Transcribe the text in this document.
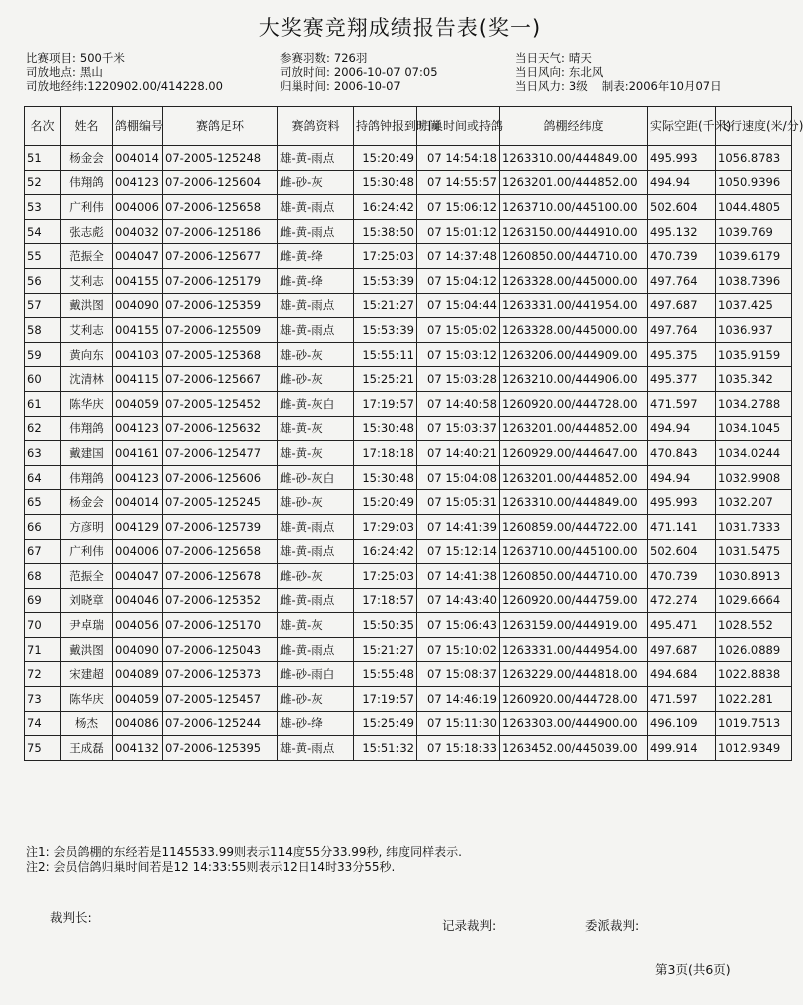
大奖赛竞翔成绩报告表(奖一)
比赛项目: 500千米
司放地点: 黑山
司放地经纬:1220902.00/414228.00
参赛羽数: 726羽
司放时间: 2006-10-07 07:05
归巢时间: 2006-10-07
当日天气: 晴天
当日风向: 东北风
当日风力: 3级 制表:2006年10月07日
名次	姓名	鸽棚编号	赛鸽足环	赛鸽资料	持鸽钟报到时间	归巢时间或持鸽	鸽棚经纬度	实际空距(千米)	飞行速度(米/分)
51	杨金会	004014	07-2005-125248	雄-黄-雨点	15:20:49	07 14:54:18	1263310.00/444849.00	495.993	1056.8783
52	伟翔鸽	004123	07-2006-125604	雌-砂-灰	15:30:48	07 14:55:57	1263201.00/444852.00	494.94	1050.9396
53	广利伟	004006	07-2006-125658	雄-黄-雨点	16:24:42	07 15:06:12	1263710.00/445100.00	502.604	1044.4805
54	张志彪	004032	07-2006-125186	雌-黄-雨点	15:38:50	07 15:01:12	1263150.00/444910.00	495.132	1039.769
55	范振全	004047	07-2006-125677	雌-黄-绛	17:25:03	07 14:37:48	1260850.00/444710.00	470.739	1039.6179
56	艾利志	004155	07-2006-125179	雌-黄-绛	15:53:39	07 15:04:12	1263328.00/445000.00	497.764	1038.7396
57	戴洪图	004090	07-2006-125359	雄-黄-雨点	15:21:27	07 15:04:44	1263331.00/441954.00	497.687	1037.425
58	艾利志	004155	07-2006-125509	雄-黄-雨点	15:53:39	07 15:05:02	1263328.00/445000.00	497.764	1036.937
59	黄向东	004103	07-2005-125368	雄-砂-灰	15:55:11	07 15:03:12	1263206.00/444909.00	495.375	1035.9159
60	沈清林	004115	07-2006-125667	雌-砂-灰	15:25:21	07 15:03:28	1263210.00/444906.00	495.377	1035.342
61	陈华庆	004059	07-2005-125452	雌-黄-灰白	17:19:57	07 14:40:58	1260920.00/444728.00	471.597	1034.2788
62	伟翔鸽	004123	07-2006-125632	雄-黄-灰	15:30:48	07 15:03:37	1263201.00/444852.00	494.94	1034.1045
63	戴建国	004161	07-2006-125477	雄-黄-灰	17:18:18	07 14:40:21	1260929.00/444647.00	470.843	1034.0244
64	伟翔鸽	004123	07-2006-125606	雌-砂-灰白	15:30:48	07 15:04:08	1263201.00/444852.00	494.94	1032.9908
65	杨金会	004014	07-2005-125245	雄-砂-灰	15:20:49	07 15:05:31	1263310.00/444849.00	495.993	1032.207
66	方彦明	004129	07-2006-125739	雄-黄-雨点	17:29:03	07 14:41:39	1260859.00/444722.00	471.141	1031.7333
67	广利伟	004006	07-2006-125658	雄-黄-雨点	16:24:42	07 15:12:14	1263710.00/445100.00	502.604	1031.5475
68	范振全	004047	07-2006-125678	雌-砂-灰	17:25:03	07 14:41:38	1260850.00/444710.00	470.739	1030.8913
69	刘晓章	004046	07-2006-125352	雌-黄-雨点	17:18:57	07 14:43:40	1260920.00/444759.00	472.274	1029.6664
70	尹卓瑞	004056	07-2006-125170	雄-黄-灰	15:50:35	07 15:06:43	1263159.00/444919.00	495.471	1028.552
71	戴洪图	004090	07-2006-125043	雌-黄-雨点	15:21:27	07 15:10:02	1263331.00/444954.00	497.687	1026.0889
72	宋建超	004089	07-2006-125373	雌-砂-雨白	15:55:48	07 15:08:37	1263229.00/444818.00	494.684	1022.8838
73	陈华庆	004059	07-2005-125457	雌-砂-灰	17:19:57	07 14:46:19	1260920.00/444728.00	471.597	1022.281
74	杨杰	004086	07-2006-125244	雄-砂-绛	15:25:49	07 15:11:30	1263303.00/444900.00	496.109	1019.7513
75	王成磊	004132	07-2006-125395	雄-黄-雨点	15:51:32	07 15:18:33	1263452.00/445039.00	499.914	1012.9349
注1: 会员鸽棚的东经若是1145533.99则表示114度55分33.99秒, 纬度同样表示.
注2: 会员信鸽归巢时间若是12 14:33:55则表示12日14时33分55秒.
裁判长:
记录裁判:	委派裁判:
第3页(共6页)
